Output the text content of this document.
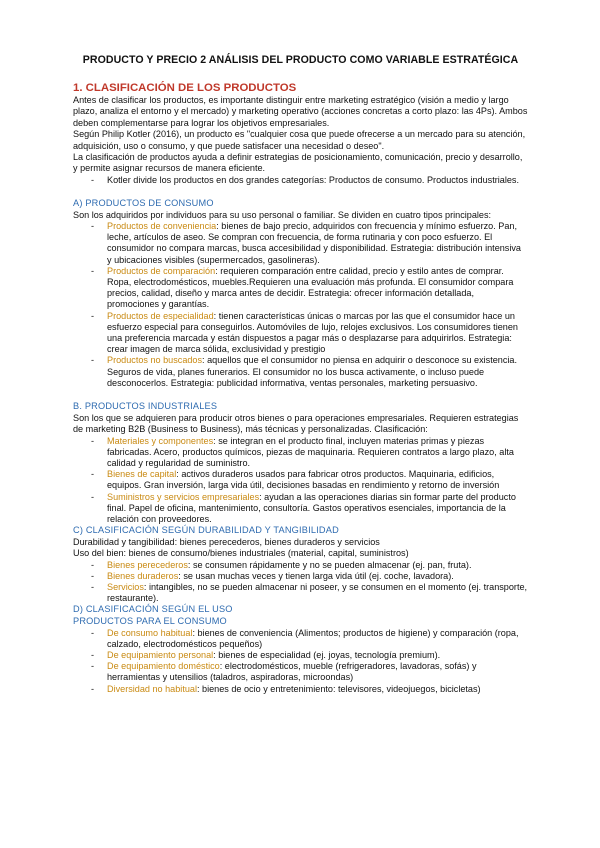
PRODUCTO Y PRECIO 2 ANÁLISIS DEL PRODUCTO COMO VARIABLE ESTRATÉGICA
1. CLASIFICACIÓN DE LOS PRODUCTOS

Antes de clasificar los productos, es importante distinguir entre marketing estratégico (visión a medio y largo plazo, analiza el entorno y el mercado) y marketing operativo (acciones concretas a corto plazo: las 4Ps). Ambos deben complementarse para lograr los objetivos empresariales.

Según Philip Kotler (2016), un producto es "cualquier cosa que puede ofrecerse a un mercado para su atención, adquisición, uso o consumo, y que puede satisfacer una necesidad o deseo".

La clasificación de productos ayuda a definir estrategias de posicionamiento, comunicación, precio y desarrollo, y permite asignar recursos de manera eficiente.

- Kotler divide los productos en dos grandes categorías: Productos de consumo. Productos industriales.
A) PRODUCTOS DE CONSUMO

Son los adquiridos por individuos para su uso personal o familiar. Se dividen en cuatro tipos principales:

- Productos de conveniencia: bienes de bajo precio, adquiridos con frecuencia y mínimo esfuerzo. Pan, leche, artículos de aseo. Se compran con frecuencia, de forma rutinaria y con poco esfuerzo. El consumidor no compara marcas, busca accesibilidad y disponibilidad. Estrategia: distribución intensiva y ubicaciones visibles (supermercados, gasolineras).
- Productos de comparación: requieren comparación entre calidad, precio y estilo antes de comprar. Ropa, electrodomésticos, muebles.Requieren una evaluación más profunda. El consumidor compara precios, calidad, diseño y marca antes de decidir. Estrategia: ofrecer información detallada, promociones y garantías.
- Productos de especialidad: tienen características únicas o marcas por las que el consumidor hace un esfuerzo especial para conseguirlos. Automóviles de lujo, relojes exclusivos. Los consumidores tienen una preferencia marcada y están dispuestos a pagar más o desplazarse para adquirirlos. Estrategia: crear imagen de marca sólida, exclusividad y prestigio
- Productos no buscados: aquellos que el consumidor no piensa en adquirir o desconoce su existencia. Seguros de vida, planes funerarios. El consumidor no los busca activamente, o incluso puede desconocerlos. Estrategia: publicidad informativa, ventas personales, marketing persuasivo.
B. PRODUCTOS INDUSTRIALES

Son los que se adquieren para producir otros bienes o para operaciones empresariales. Requieren estrategias de marketing B2B (Business to Business), más técnicas y personalizadas. Clasificación:

- Materiales y componentes: se integran en el producto final, incluyen materias primas y piezas fabricadas. Acero, productos químicos, piezas de maquinaria. Requieren contratos a largo plazo, alta calidad y regularidad de suministro.
- Bienes de capital: activos duraderos usados para fabricar otros productos. Maquinaria, edificios, equipos. Gran inversión, larga vida útil, decisiones basadas en rendimiento y retorno de inversión
- Suministros y servicios empresariales: ayudan a las operaciones diarias sin formar parte del producto final. Papel de oficina, mantenimiento, consultoría. Gastos operativos esenciales, importancia de la relación con proveedores.
C) CLASIFICACIÓN SEGÚN DURABILIDAD Y TANGIBILIDAD

Durabilidad y tangibilidad: bienes perecederos, bienes duraderos y servicios

Uso del bien: bienes de consumo/bienes industriales (material, capital, suministros)

- Bienes perecederos: se consumen rápidamente y no se pueden almacenar (ej. pan, fruta).
- Bienes duraderos: se usan muchas veces y tienen larga vida útil (ej. coche, lavadora).
- Servicios: intangibles, no se pueden almacenar ni poseer, y se consumen en el momento (ej. transporte, restaurante).
D) CLASIFICACIÓN SEGÚN EL USO
PRODUCTOS PARA EL CONSUMO
- De consumo habitual: bienes de conveniencia (Alimentos; productos de higiene) y comparación (ropa, calzado, electrodomésticos pequeños)
- De equipamiento personal: bienes de especialidad (ej. joyas, tecnología premium).
- De equipamiento doméstico: electrodomésticos, mueble (refrigeradores, lavadoras, sofás) y herramientas y utensilios (taladros, aspiradoras, microondas)
- Diversidad no habitual: bienes de ocio y entretenimiento: televisores, videojuegos, bicicletas)
